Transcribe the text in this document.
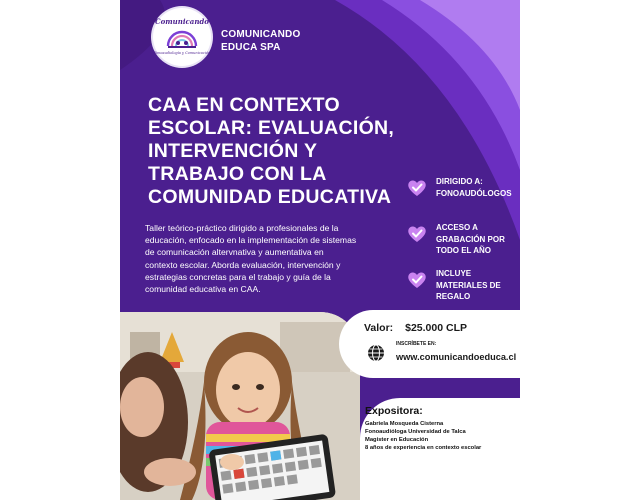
Comunicando
Fonoaudiología y Comunicación
COMUNICANDO
EDUCA SPA
CAA EN CONTEXTO
ESCOLAR: EVALUACIÓN,
INTERVENCIÓN Y
TRABAJO CON LA
COMUNIDAD EDUCATIVA
Taller teórico-práctico dirigido a profesionales de la
educación, enfocado en la implementación de sistemas
de comunicación altervnativa y aumentativa en
contexto escolar. Aborda evaluación, intervención y
estrategias concretas para el trabajo y guía de la
comunidad educativa en CAA.
DIRIGIDO A:
FONOAUDÓLOGOS
ACCESO A
GRABACIÓN POR
TODO EL AÑO
INCLUYE
MATERIALES DE
REGALO
Valor: $25.000 CLP
INSCRÍBETE EN:
www.comunicandoeduca.cl
Expositora:
Gabriela Mosqueda Cisterna
Fonoaudióloga Universidad de Talca
Magister en Educación
8 años de experiencia en contexto escolar
